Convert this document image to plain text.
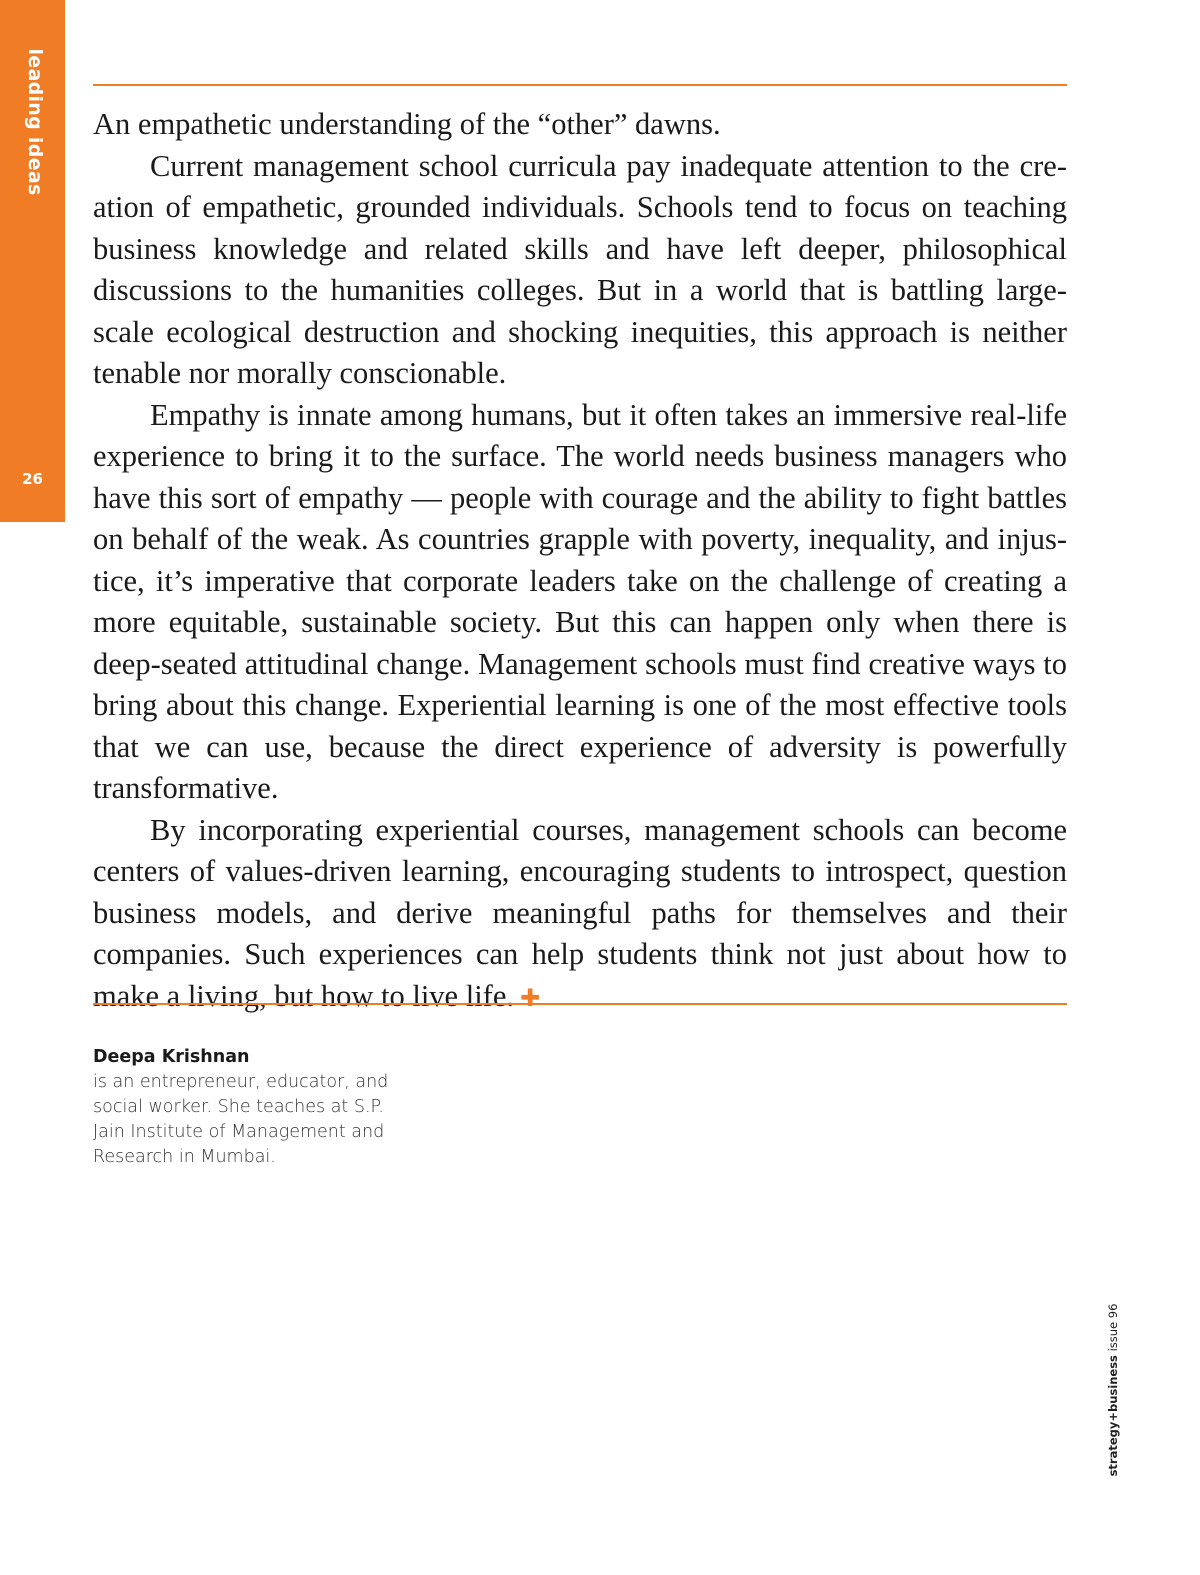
leading ideas
26

An empathetic understanding of the “other” dawns.

Current management school curricula pay inadequate attention to the creation of empathetic, grounded individuals. Schools tend to focus on teaching business knowledge and related skills and have left deeper, philosophical discussions to the humanities colleges. But in a world that is battling large-scale ecological destruction and shocking inequities, this approach is neither tenable nor morally conscionable.

Empathy is innate among humans, but it often takes an immersive real-life experience to bring it to the surface. The world needs business managers who have this sort of empathy — people with courage and the ability to fight battles on behalf of the weak. As countries grapple with poverty, inequality, and injustice, it’s imperative that corporate leaders take on the challenge of creating a more equitable, sustainable society. But this can happen only when there is deep-seated attitudinal change. Management schools must find creative ways to bring about this change. Experiential learning is one of the most effective tools that we can use, because the direct experience of adversity is powerfully transformative.

By incorporating experiential courses, management schools can become centers of values-driven learning, encouraging students to introspect, question business models, and derive meaningful paths for themselves and their companies. Such experiences can help students think not just about how to make a living, but how to live life. ✚

Deepa Krishnan
is an entrepreneur, educator, and social worker. She teaches at S.P. Jain Institute of Management and Research in Mumbai.
strategy+business issue 96
